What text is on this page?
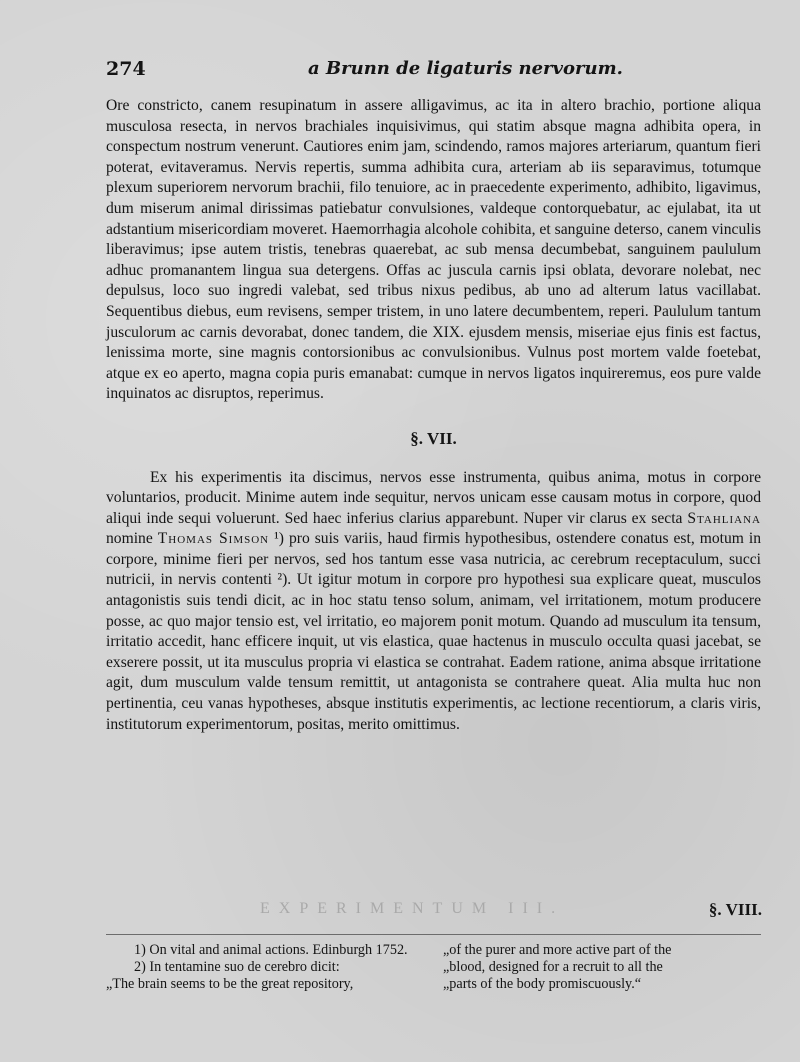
274	a Brunn de ligaturis nervorum.

Ore constricto, canem resupinatum in assere alligavimus, ac ita in altero brachio, portione aliqua musculosa resecta, in nervos brachiales inquisivimus, qui statim absque magna adhibita opera, in conspectum nostrum venerunt. Cautiores enim jam, scindendo, ramos majores arteriarum, quantum fieri poterat, evitaveramus. Nervis repertis, summa adhibita cura, arteriam ab iis separavimus, totumque plexum superiorem nervorum brachii, filo tenuiore, ac in praecedente experimento, adhibito, ligavimus, dum miserum animal dirissimas patiebatur convulsiones, valdeque contorquebatur, ac ejulabat, ita ut adstantium misericordiam moveret. Haemorrhagia alcohole cohibita, et sanguine deterso, canem vinculis liberavimus; ipse autem tristis, tenebras quaerebat, ac sub mensa decumbebat, sanguinem paululum adhuc promanantem lingua sua detergens. Offas ac jusculа carnis ipsi oblata, devorare nolebat, nec depulsus, loco suo ingredi valebat, sed tribus nixus pedibus, ab uno ad alterum latus vacillabat. Sequentibus diebus, eum revisens, semper tristem, in uno latere decumbentem, reperi. Paululum tantum jusculorum ac carnis devorabat, donec tandem, die XIX. ejusdem mensis, miseriae ejus finis est factus, lenissima morte, sine magnis contorsionibus ac convulsionibus. Vulnus post mortem valde foetebat, atque ex eo aperto, magna copia puris emanabat: cumque in nervos ligatos inquireremus, eos pure valde inquinatos ac disruptos, reperimus.

§. VII.

Ex his experimentis ita discimus, nervos esse instrumenta, quibus anima, motus in corpore voluntarios, producit. Minime autem inde sequitur, nervos unicam esse causam motus in corpore, quod aliqui inde sequi voluerunt. Sed haec inferius clarius apparebunt. Nuper vir clarus ex secta Stahliana nomine Thomas Simson ¹) pro suis variis, haud firmis hypothesibus, ostendere conatus est, motum in corpore, minime fieri per nervos, sed hos tantum esse vasa nutricia, ac cerebrum receptaculum, succi nutricii, in nervis contenti ²). Ut igitur motum in corpore pro hypothesi sua explicare queat, musculos antagonistis suis tendi dicit, ac in hoc statu tenso solum, animam, vel irritationem, motum producere posse, ac quo major tensio est, vel irritatio, eo majorem ponit motum. Quando ad musculum ita tensum, irritatio accedit, hanc efficere inquit, ut vis elastica, quae hactenus in musculo occulta quasi jacebat, se exserere possit, ut ita musculus propria vi elastica se contrahat. Eadem ratione, anima absque irritatione agit, dum musculum valde tensum remittit, ut antagonista se contrahere queat. Alia multa huc non pertinentia, ceu vanas hypotheses, absque institutis experimentis, ac lectione recentiorum, a claris viris, institutorum experimentorum, positas, merito omittimus.

EXPERIMENTUM III.	§. VIII.

1) On vital and animal actions. Edinburgh 1752.

2) In tentamine suo de cerebro dicit:

„The brain seems to be the great repository,

„of the purer and more active part of the

„blood, designed for a recruit to all the

„parts of the body promiscuously.“
